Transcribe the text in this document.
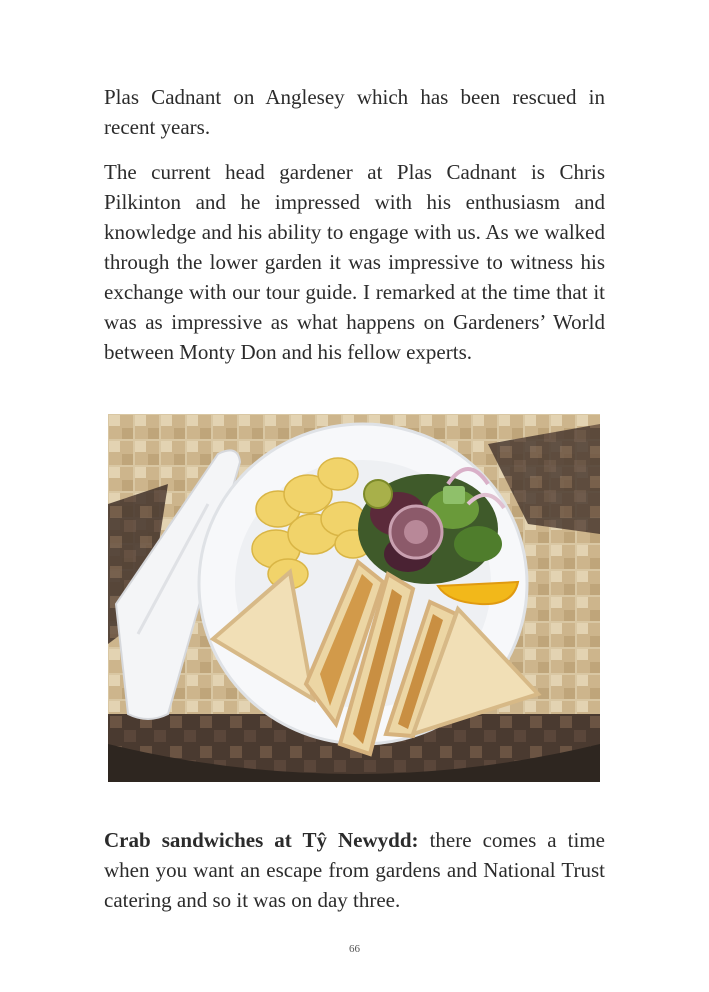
Plas Cadnant on Anglesey which has been rescued in recent years.

The current head gardener at Plas Cadnant is Chris Pilkinton and he impressed with his enthusiasm and knowledge and his ability to engage with us. As we walked through the lower garden it was impressive to witness his exchange with our tour guide. I remarked at the time that it was as impressive as what happens on Gardeners’ World between Monty Don and his fellow experts.

Crab sandwiches at Tŷ Newydd: there comes a time when you want an escape from gardens and National Trust catering and so it was on day three.

66
